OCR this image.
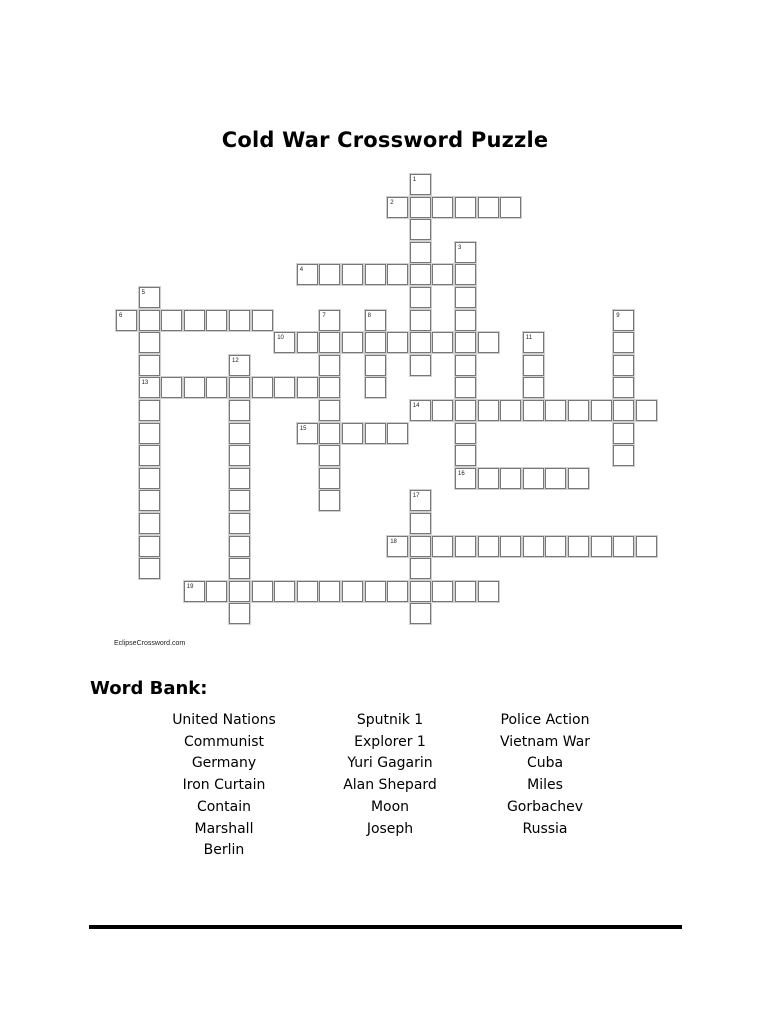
Cold War Crossword Puzzle
1
2
3
4
5
6	7	8	9
10	11
12
13
14
15
16
17
18
19
EclipseCrossword.com
Word Bank:
United Nations
Communist
Germany
Iron Curtain
Contain
Marshall
Berlin
Sputnik 1
Explorer 1
Yuri Gagarin
Alan Shepard
Moon
Joseph
Police Action
Vietnam War
Cuba
Miles
Gorbachev
Russia
